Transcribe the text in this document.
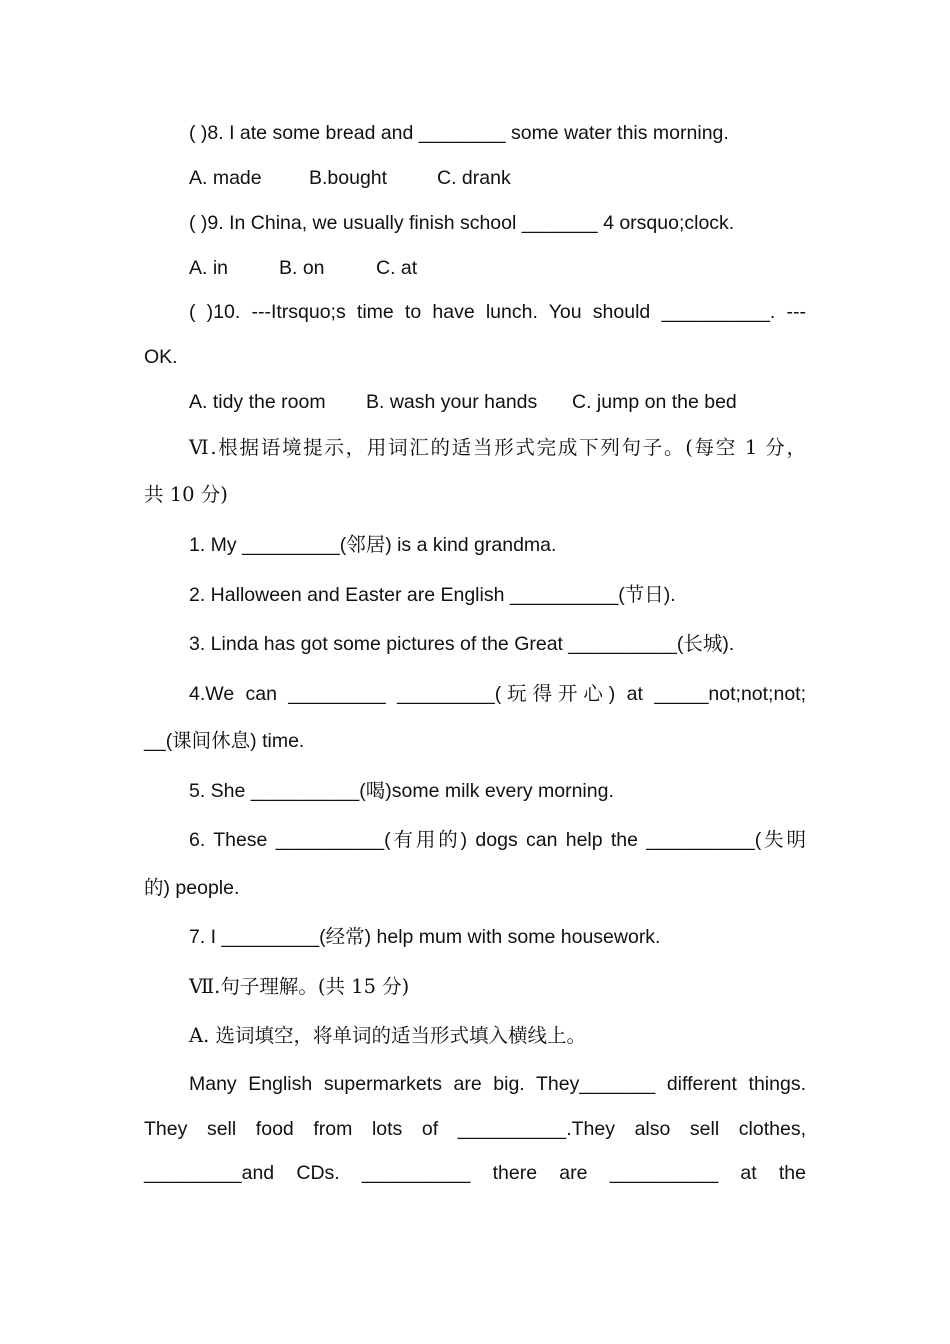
( )8. I ate some bread and ________ some water this morning.
A. made B.bought	C. drank
( )9. In China, we usually finish school _______ 4 orsquo;clock.
A. in	B. on	C. at
( )10. ---Itrsquo;s time to have lunch. You should __________. ---
OK.
A. tidy the room B. wash your hands C. jump on the bed
Ⅵ.根据语境提示，用词汇的适当形式完成下列句子。(每空 1 分，
共 10 分)
1. My _________(邻居) is a kind grandma.
2. Halloween and Easter are English __________(节日).
3. Linda has got some pictures of the Great __________(长城).
4.We can _________ _________(玩得开心) at _____not;not;not;
__(课间休息) time.
5. She __________(喝)some milk every morning.
6. These __________(有用的) dogs can help the __________(失明
的) people.
7. I _________(经常) help mum with some housework.
Ⅶ.句子理解。(共 15 分)
A. 选词填空，将单词的适当形式填入横线上。
Many English supermarkets are big. They_______ different things.
They sell food from lots of __________.They also sell clothes,
_________and CDs. __________ there are __________ at the
